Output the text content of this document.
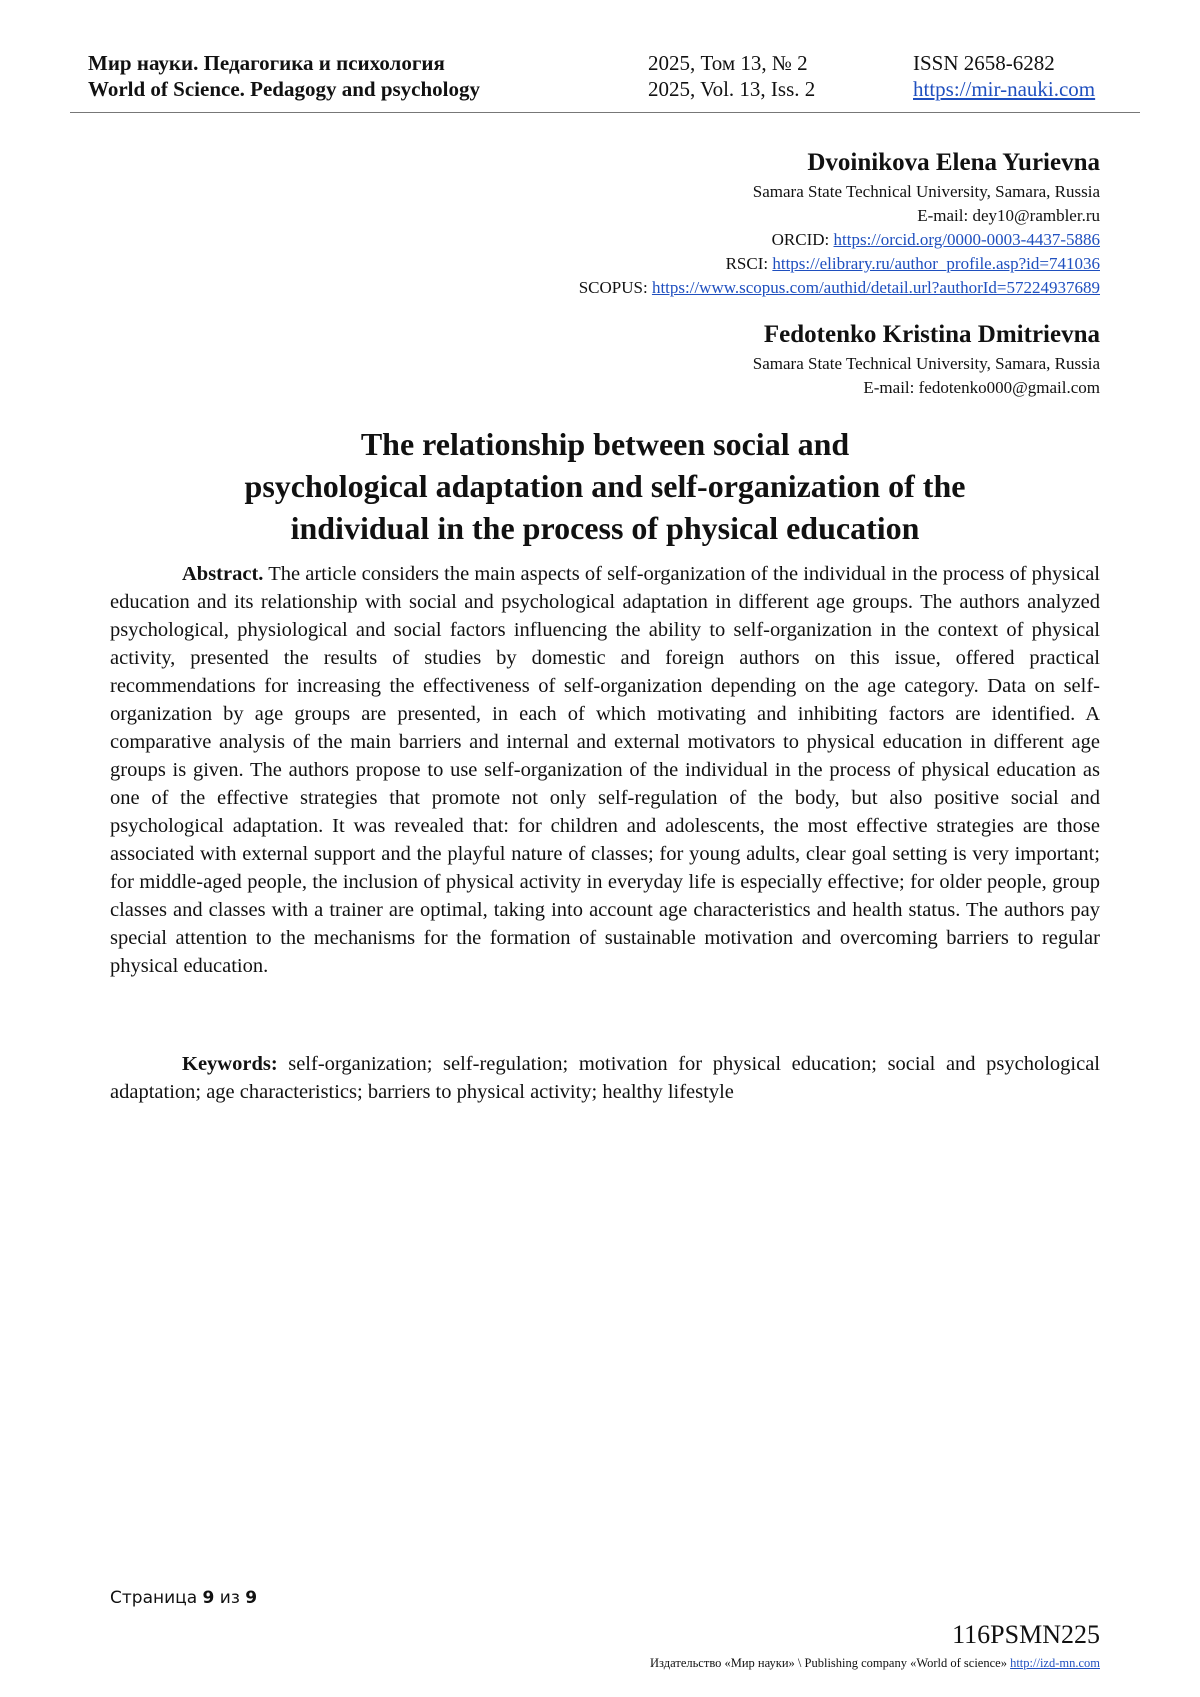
Мир науки. Педагогика и психология
World of Science. Pedagogy and psychology
2025, Том 13, № 2
2025, Vol. 13, Iss. 2
ISSN 2658-6282
https://mir-nauki.com
Dvoinikova Elena Yurievna
Samara State Technical University, Samara, Russia
E-mail: dey10@rambler.ru
ORCID: https://orcid.org/0000-0003-4437-5886
RSCI: https://elibrary.ru/author_profile.asp?id=741036
SCOPUS: https://www.scopus.com/authid/detail.url?authorId=57224937689
Fedotenko Kristina Dmitrievna
Samara State Technical University, Samara, Russia
E-mail: fedotenko000@gmail.com
The relationship between social and
psychological adaptation and self-organization of the
individual in the process of physical education
Abstract. The article considers the main aspects of self-organization of the individual in the process of physical education and its relationship with social and psychological adaptation in different age groups. The authors analyzed psychological, physiological and social factors influencing the ability to self-organization in the context of physical activity, presented the results of studies by domestic and foreign authors on this issue, offered practical recommendations for increasing the effectiveness of self-organization depending on the age category. Data on self-organization by age groups are presented, in each of which motivating and inhibiting factors are identified. A comparative analysis of the main barriers and internal and external motivators to physical education in different age groups is given. The authors propose to use self-organization of the individual in the process of physical education as one of the effective strategies that promote not only self-regulation of the body, but also positive social and psychological adaptation. It was revealed that: for children and adolescents, the most effective strategies are those associated with external support and the playful nature of classes; for young adults, clear goal setting is very important; for middle-aged people, the inclusion of physical activity in everyday life is especially effective; for older people, group classes and classes with a trainer are optimal, taking into account age characteristics and health status. The authors pay special attention to the mechanisms for the formation of sustainable motivation and overcoming barriers to regular physical education.
Keywords: self-organization; self-regulation; motivation for physical education; social and psychological adaptation; age characteristics; barriers to physical activity; healthy lifestyle
Страница 9 из 9
116PSMN225
Издательство «Мир науки» \ Publishing company «World of science» http://izd-mn.com
